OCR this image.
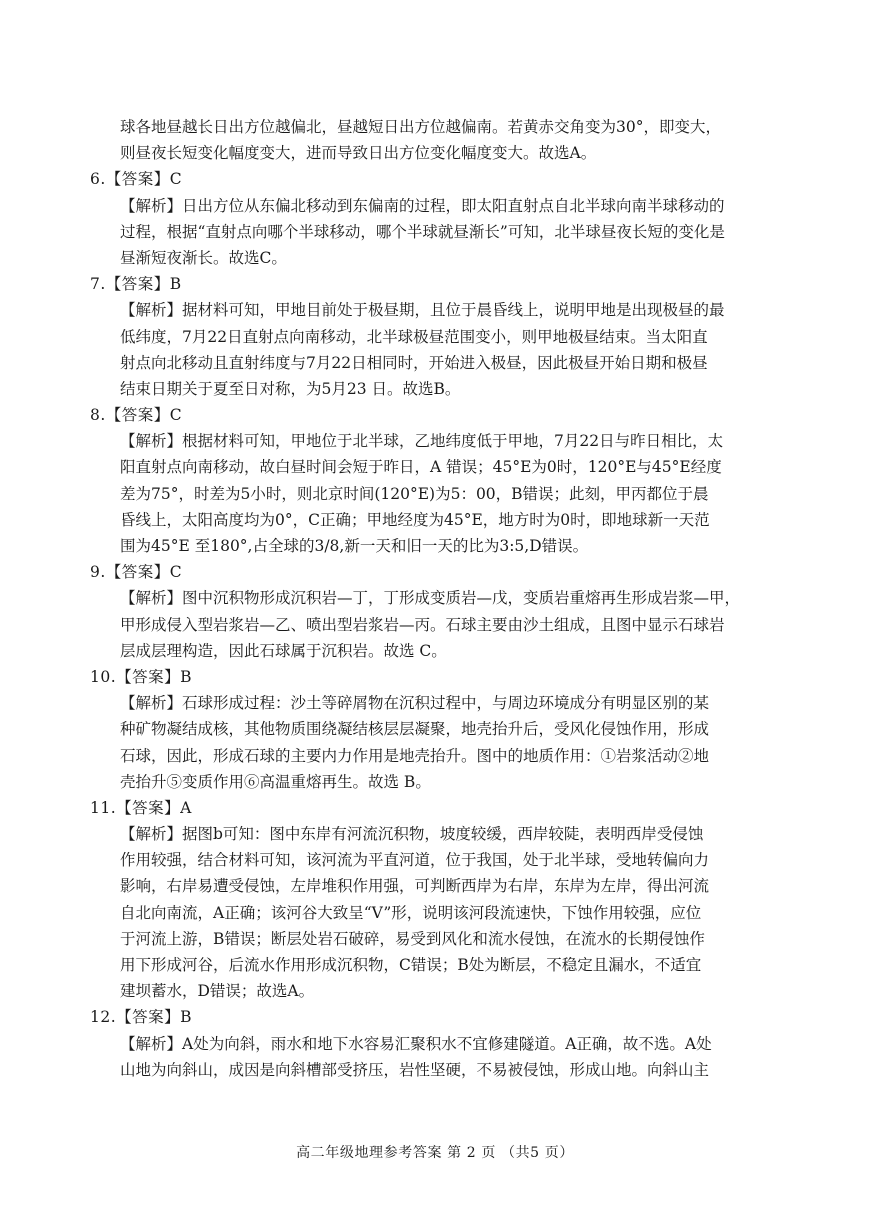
球各地昼越长日出方位越偏北，昼越短日出方位越偏南。若黄赤交角变为30°，即变大，
则昼夜长短变化幅度变大，进而导致日出方位变化幅度变大。故选A。
6.【答案】C
【解析】日出方位从东偏北移动到东偏南的过程，即太阳直射点自北半球向南半球移动的
过程，根据“直射点向哪个半球移动，哪个半球就昼渐长”可知，北半球昼夜长短的变化是
昼渐短夜渐长。故选C。
7.【答案】B
【解析】据材料可知，甲地目前处于极昼期，且位于晨昏线上，说明甲地是出现极昼的最
低纬度，7月22日直射点向南移动，北半球极昼范围变小，则甲地极昼结束。当太阳直
射点向北移动且直射纬度与7月22日相同时，开始进入极昼，因此极昼开始日期和极昼
结束日期关于夏至日对称，为5月23 日。故选B。
8.【答案】C
【解析】根据材料可知，甲地位于北半球，乙地纬度低于甲地，7月22日与昨日相比，太
阳直射点向南移动，故白昼时间会短于昨日，A 错误；45°E为0时，120°E与45°E经度
差为75°，时差为5小时，则北京时间(120°E)为5：00，B错误；此刻，甲丙都位于晨
昏线上，太阳高度均为0°，C正确；甲地经度为45°E，地方时为0时，即地球新一天范
围为45°E 至180°,占全球的3/8,新一天和旧一天的比为3:5,D错误。
9.【答案】C
【解析】图中沉积物形成沉积岩—丁，丁形成变质岩—戊，变质岩重熔再生形成岩浆—甲，
甲形成侵入型岩浆岩—乙、喷出型岩浆岩—丙。石球主要由沙土组成，且图中显示石球岩
层成层理构造，因此石球属于沉积岩。故选 C。
10.【答案】B
【解析】石球形成过程：沙土等碎屑物在沉积过程中，与周边环境成分有明显区别的某
种矿物凝结成核，其他物质围绕凝结核层层凝聚，地壳抬升后，受风化侵蚀作用，形成
石球，因此，形成石球的主要内力作用是地壳抬升。图中的地质作用：①岩浆活动②地
壳抬升⑤变质作用⑥高温重熔再生。故选 B。
11.【答案】A
【解析】据图b可知：图中东岸有河流沉积物，坡度较缓，西岸较陡，表明西岸受侵蚀
作用较强，结合材料可知，该河流为平直河道，位于我国，处于北半球，受地转偏向力
影响，右岸易遭受侵蚀，左岸堆积作用强，可判断西岸为右岸，东岸为左岸，得出河流
自北向南流，A正确；该河谷大致呈“V”形，说明该河段流速快，下蚀作用较强，应位
于河流上游，B错误；断层处岩石破碎，易受到风化和流水侵蚀，在流水的长期侵蚀作
用下形成河谷，后流水作用形成沉积物，C错误；B处为断层，不稳定且漏水，不适宜
建坝蓄水，D错误；故选A。
12.【答案】B
【解析】A处为向斜，雨水和地下水容易汇聚积水不宜修建隧道。A正确，故不选。A处
山地为向斜山，成因是向斜槽部受挤压，岩性坚硬，不易被侵蚀，形成山地。向斜山主
高二年级地理参考答案 第 2 页 （共5 页）
